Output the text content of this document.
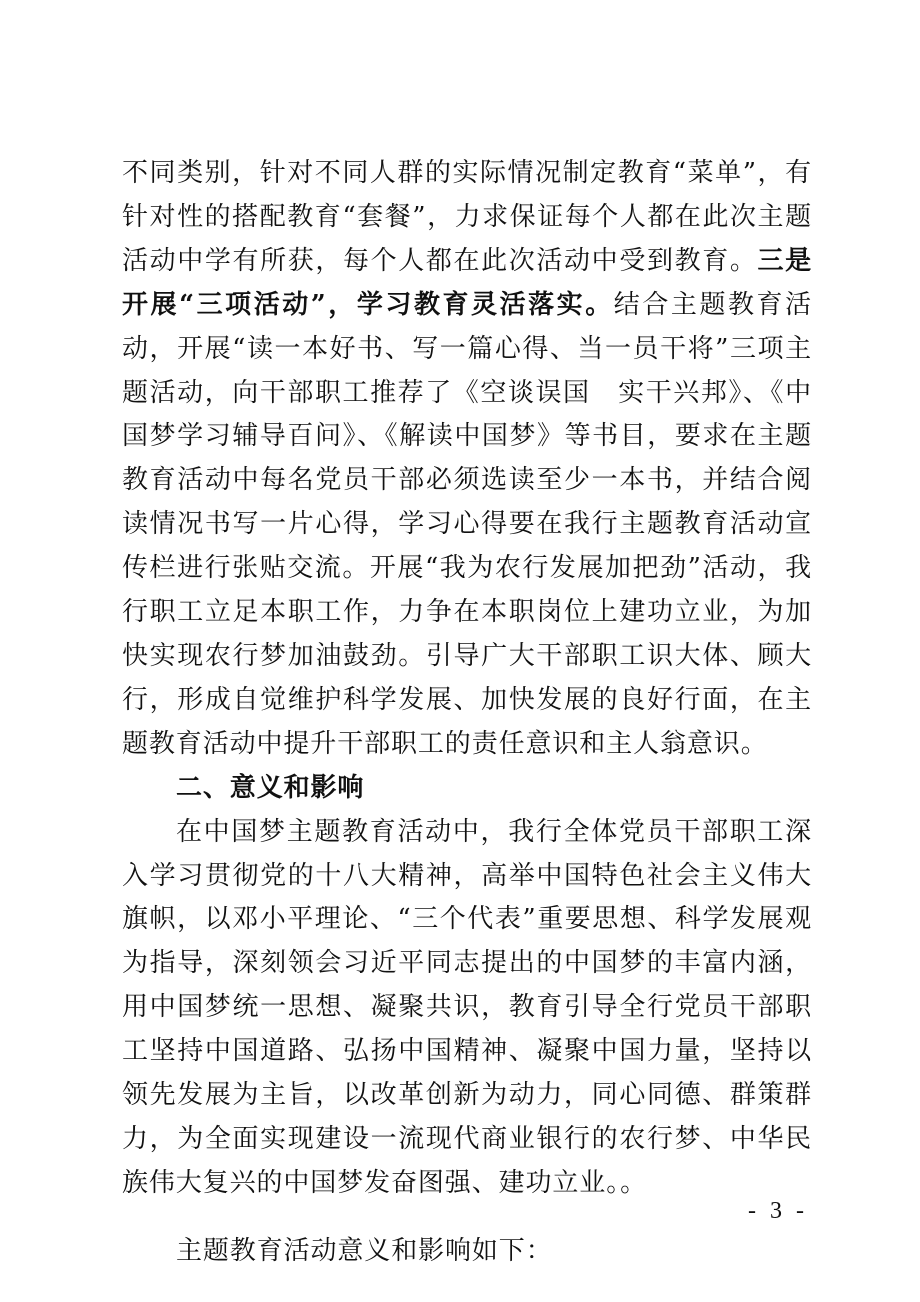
不同类别，针对不同人群的实际情况制定教育“菜单”，有针对性的搭配教育“套餐”，力求保证每个人都在此次主题活动中学有所获，每个人都在此次活动中受到教育。三是开展“三项活动”，学习教育灵活落实。结合主题教育活动，开展“读一本好书、写一篇心得、当一员干将”三项主题活动，向干部职工推荐了《空谈误国　实干兴邦》、《中国梦学习辅导百问》、《解读中国梦》等书目，要求在主题教育活动中每名党员干部必须选读至少一本书，并结合阅读情况书写一片心得，学习心得要在我行主题教育活动宣传栏进行张贴交流。开展“我为农行发展加把劲”活动，我行职工立足本职工作，力争在本职岗位上建功立业，为加快实现农行梦加油鼓劲。引导广大干部职工识大体、顾大行，形成自觉维护科学发展、加快发展的良好行面，在主题教育活动中提升干部职工的责任意识和主人翁意识。

二、意义和影响

在中国梦主题教育活动中，我行全体党员干部职工深入学习贯彻党的十八大精神，高举中国特色社会主义伟大旗帜，以邓小平理论、“三个代表”重要思想、科学发展观为指导，深刻领会习近平同志提出的中国梦的丰富内涵，用中国梦统一思想、凝聚共识，教育引导全行党员干部职工坚持中国道路、弘扬中国精神、凝聚中国力量，坚持以领先发展为主旨，以改革创新为动力，同心同德、群策群力，为全面实现建设一流现代商业银行的农行梦、中华民族伟大复兴的中国梦发奋图强、建功立业。。

主题教育活动意义和影响如下：

- 3 -
